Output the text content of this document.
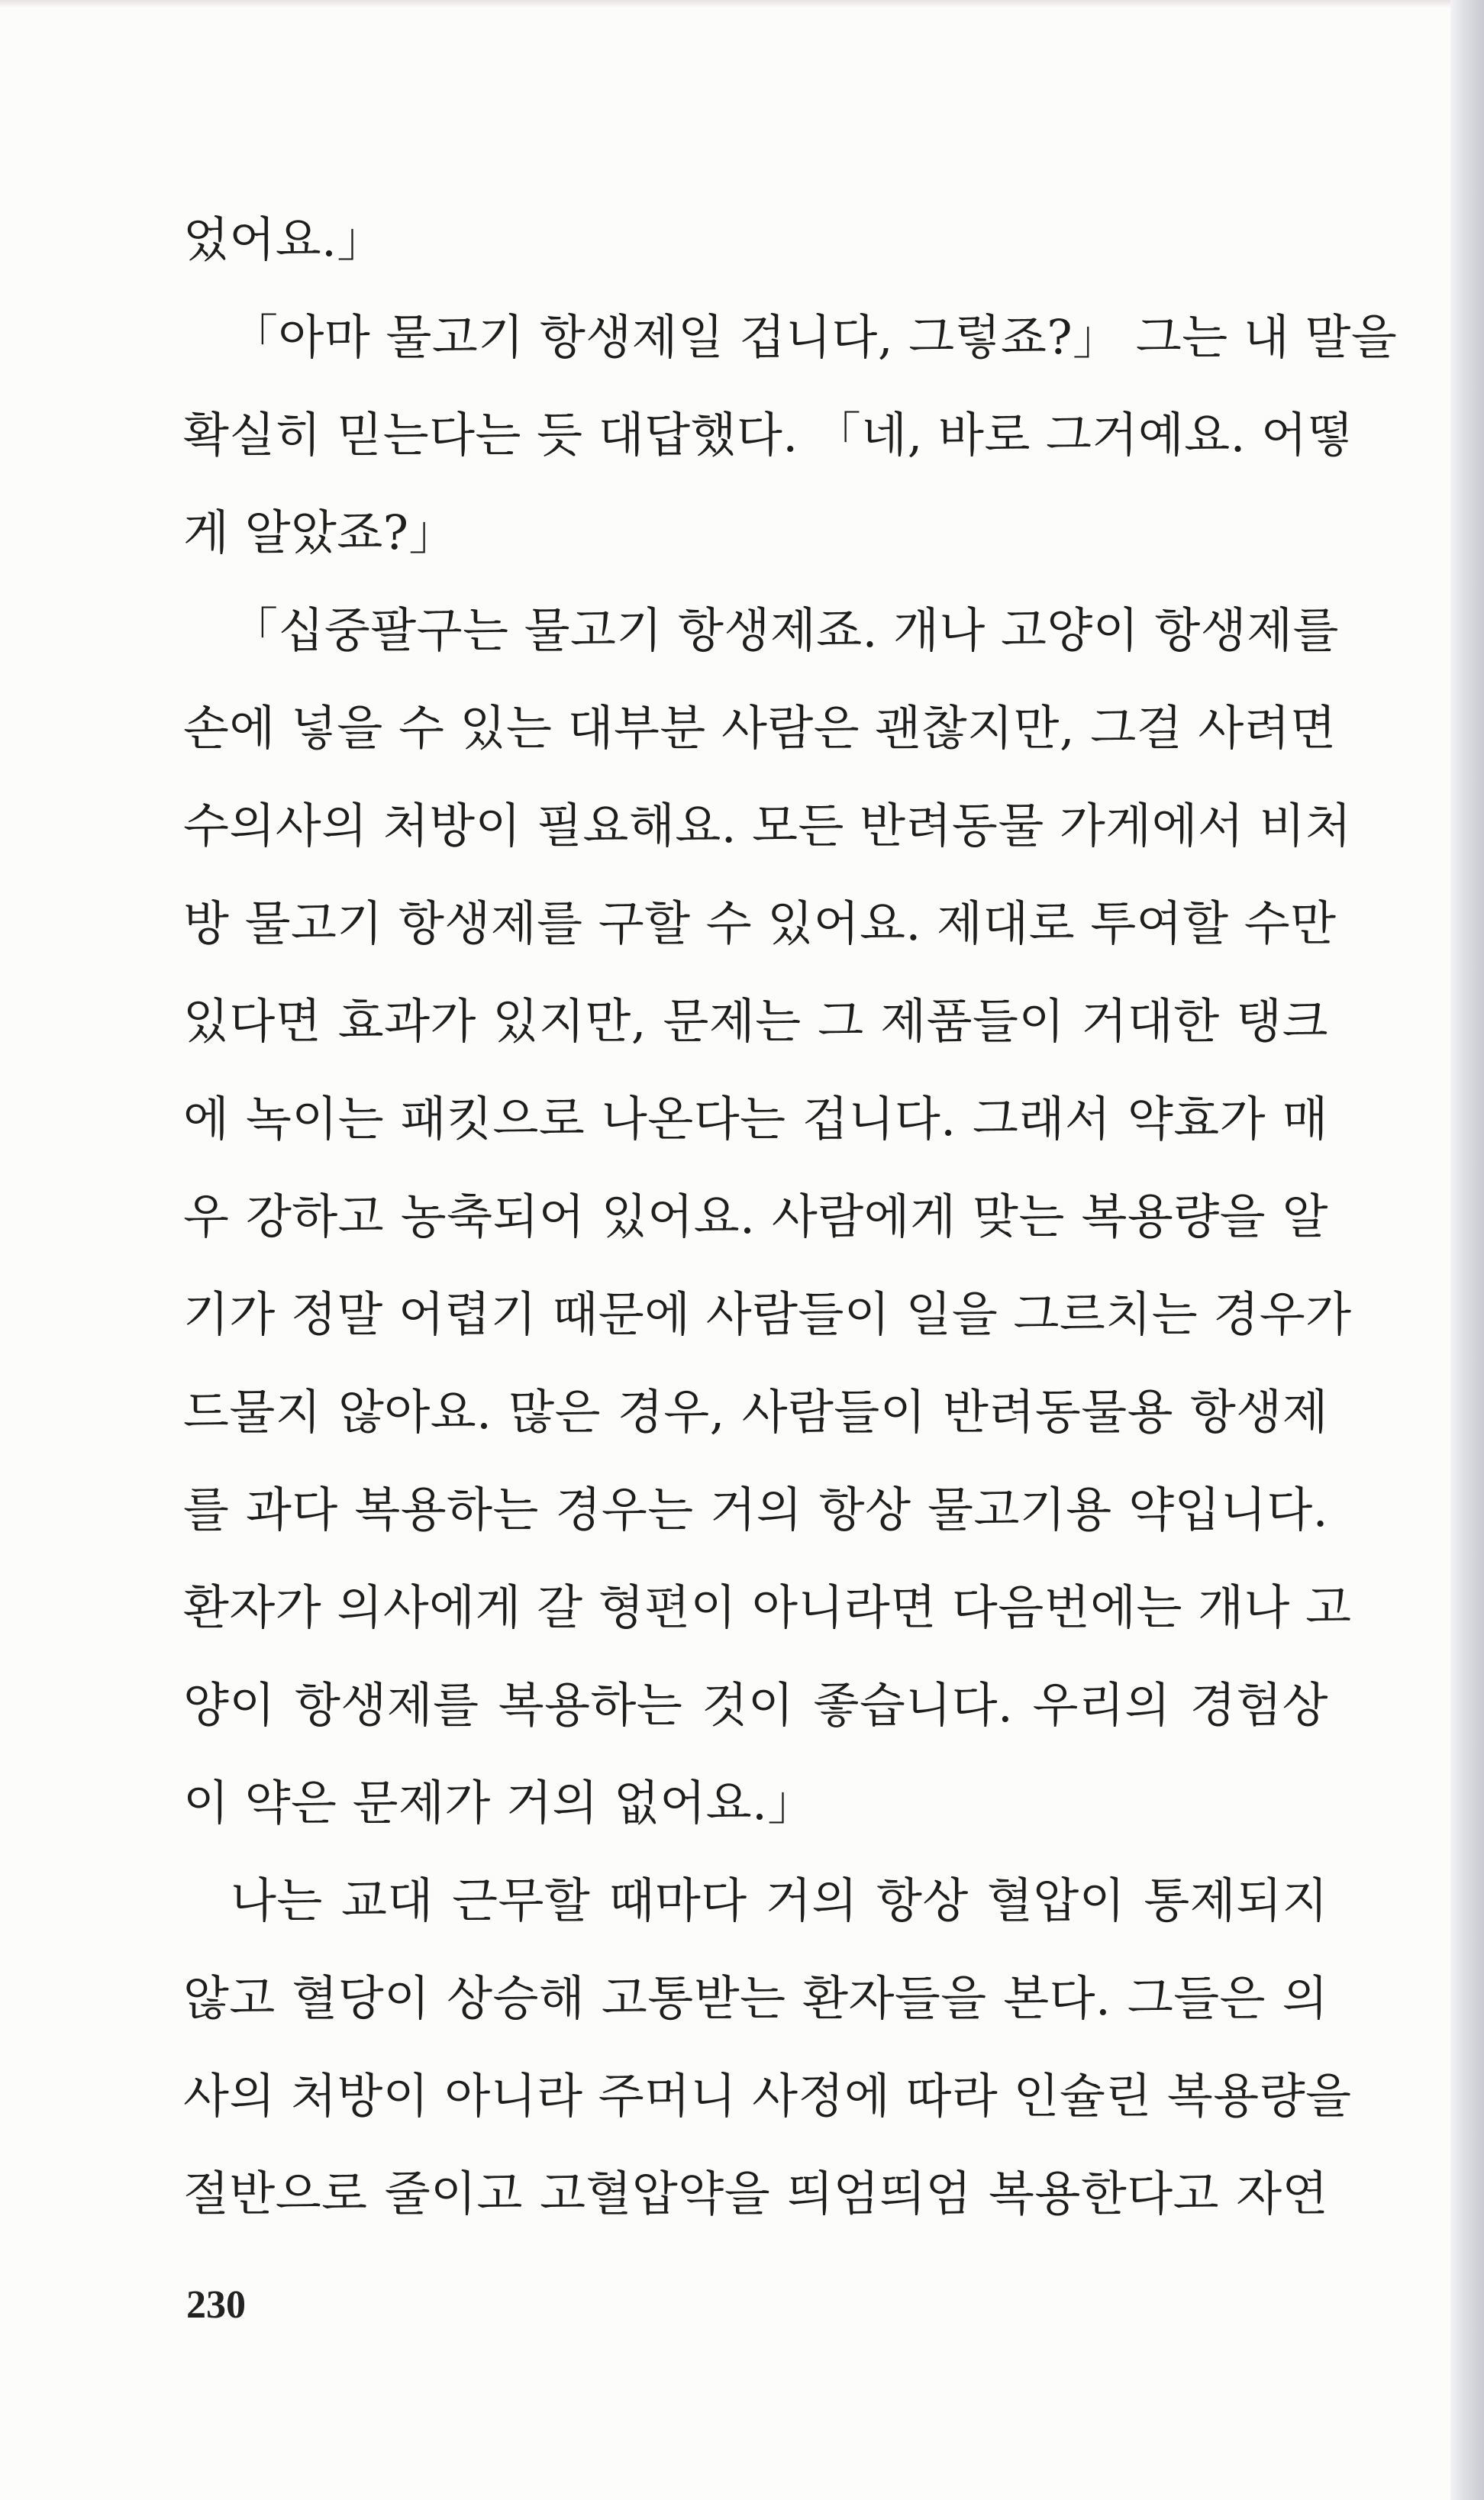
었어요.」
「아마 물고기 항생제일 겁니다, 그렇죠?」 그는 내 말을
확실히 믿는다는 듯 대답했다. 「네, 바로 그거예요. 어떻
게 알았죠?」
「십중팔구는 물고기 항생제죠. 개나 고양이 항생제를
손에 넣을 수 있는 대부분 사람은 괜찮지만, 그걸 사려면
수의사의 처방이 필요해요. 모든 반려동물 가게에서 비처
방 물고기 항생제를 구할 수 있어요. 제대로 투여할 수만
있다면 효과가 있지만, 문제는 그 제품들이 거대한 탱크
에 녹이는 패킷으로 나온다는 겁니다. 그래서 약효가 매
우 강하고 농축되어 있어요. 사람에게 맞는 복용량을 알
기가 정말 어렵기 때문에 사람들이 일을 그르치는 경우가
드물지 않아요. 많은 경우, 사람들이 반려동물용 항생제
를 과다 복용하는 경우는 거의 항상 물고기용 약입니다.
환자가 의사에게 갈 형편이 아니라면 다음번에는 개나 고
양이 항생제를 복용하는 것이 좋습니다. 우리의 경험상
이 약은 문제가 거의 없어요.」
나는 교대 근무할 때마다 거의 항상 혈압이 통제되지
않고 혈당이 상승해 고통받는 환자들을 본다. 그들은 의
사의 처방이 아니라 주머니 사정에 따라 인슐린 복용량을
절반으로 줄이고 고혈압약을 띄엄띄엄 복용한다고 자연
230
